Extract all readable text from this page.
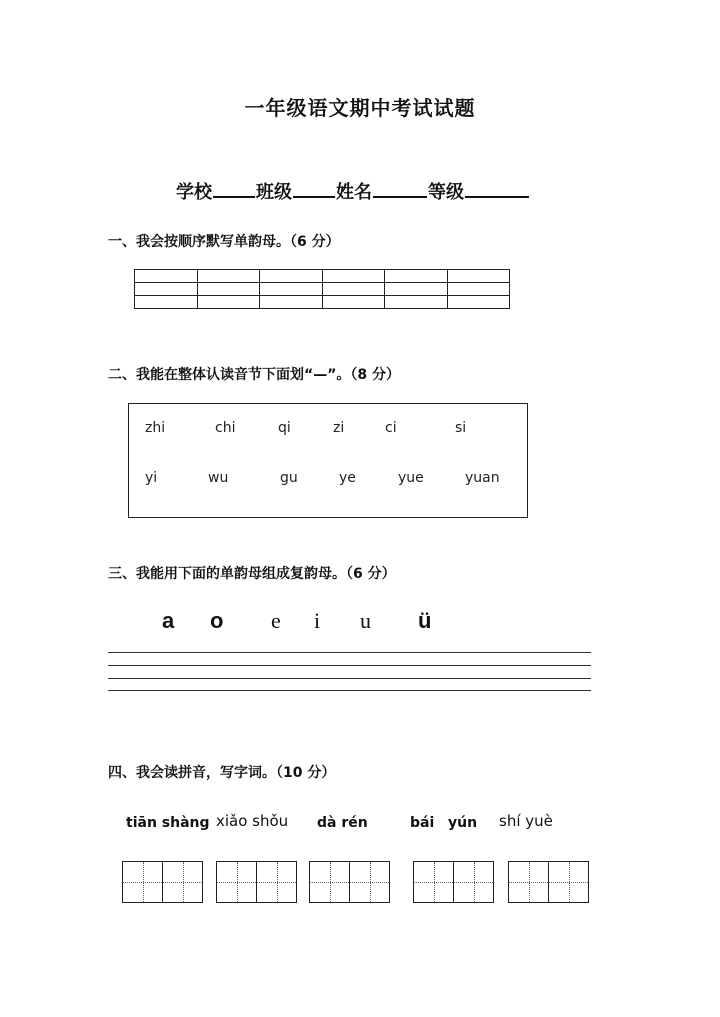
一年级语文期中考试试题
学校 班级 姓名	等级
一、我会按顺序默写单韵母。（6 分）

二、我能在整体认读音节下面划“—”。（8 分）
zhi	chi	qi	zi	ci	si
yi	wu	gu	ye	yue	yuan
三、我能用下面的单韵母组成复韵母。（6 分）
a o e i u ü
四、我会读拼音，写字词。（10 分）
tiān shàng xiǎo shǒu dà rén	bái yún shí yuè
